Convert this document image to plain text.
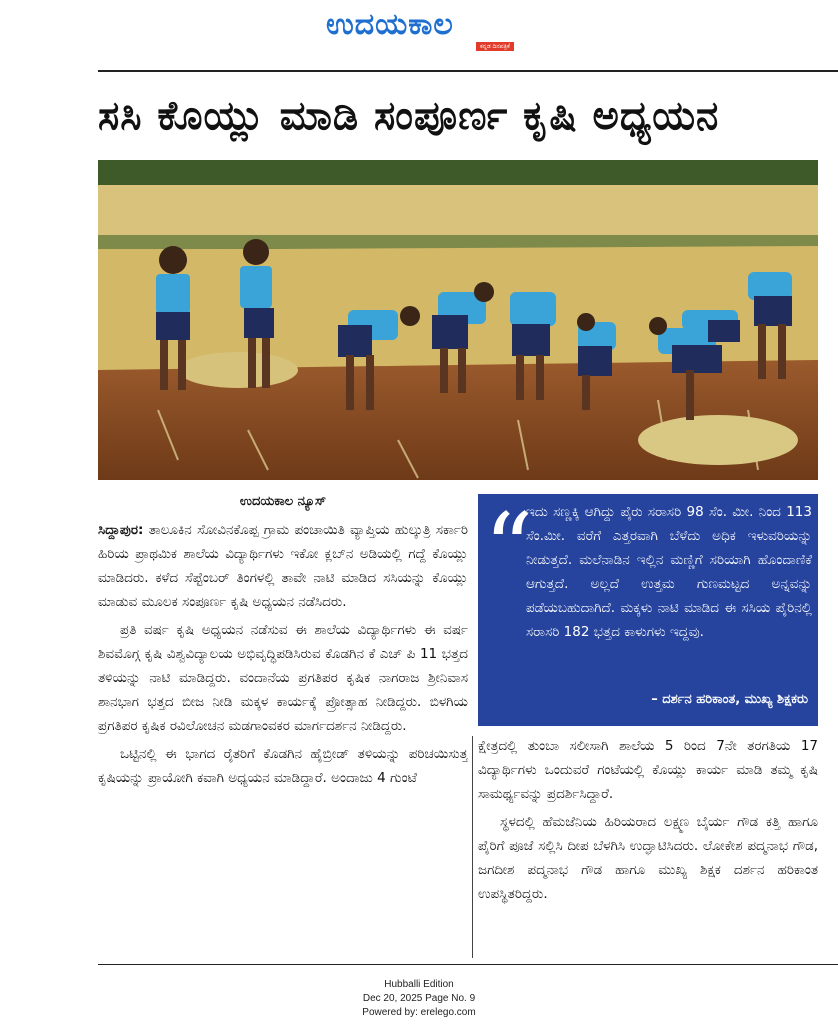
ಉದಯಕಾಲ
ಕನ್ನಡ ದಿನಪತ್ರಿಕೆ
ಸಸಿ ಕೊಯ್ಲು ಮಾಡಿ ಸಂಪೂರ್ಣ ಕೃಷಿ ಅಧ್ಯಯನ
ಉದಯಕಾಲ ನ್ಯೂಸ್

ಸಿದ್ದಾಪುರ: ತಾಲೂಕಿನ ಸೋವಿನಕೊಪ್ಪ ಗ್ರಾಮ ಪಂಚಾಯಿತಿ ವ್ಯಾಪ್ತಿಯ ಹುಲ್ಕುತ್ರಿ ಸರ್ಕಾರಿ ಹಿರಿಯ ಪ್ರಾಥಮಿಕ ಶಾಲೆಯ ವಿದ್ಯಾರ್ಥಿಗಳು ಇಕೋ ಕ್ಲಬ್‌ನ ಅಡಿಯಲ್ಲಿ ಗದ್ದೆ ಕೊಯ್ಲು ಮಾಡಿದರು. ಕಳೆದ ಸೆಪ್ಟೆಂಬರ್ ತಿಂಗಳಲ್ಲಿ ತಾವೇ ನಾಟಿ ಮಾಡಿದ ಸಸಿಯನ್ನು ಕೊಯ್ಲು ಮಾಡುವ ಮೂಲಕ ಸಂಪೂರ್ಣ ಕೃಷಿ ಅಧ್ಯಯನ ನಡೆಸಿದರು.

ಪ್ರತಿ ವರ್ಷ ಕೃಷಿ ಅಧ್ಯಯನ ನಡೆಸುವ ಈ ಶಾಲೆಯ ವಿದ್ಯಾರ್ಥಿಗಳು ಈ ವರ್ಷ ಶಿವಮೊಗ್ಗ ಕೃಷಿ ವಿಶ್ವವಿದ್ಯಾಲಯ ಅಭಿವೃದ್ಧಿಪಡಿಸಿರುವ ಕೊಡಗಿನ ಕೆ ಎಚ್ ಪಿ 11 ಭತ್ತದ ತಳಿಯನ್ನು ನಾಟಿ ಮಾಡಿದ್ದರು. ವಂದಾನೆಯ ಪ್ರಗತಿಪರ ಕೃಷಿಕ ನಾಗರಾಜ ಶ್ರೀನಿವಾಸ ಶಾನಭಾಗ ಭತ್ತದ ಬೀಜ ನೀಡಿ ಮಕ್ಕಳ ಕಾರ್ಯಕ್ಕೆ ಪ್ರೋತ್ಸಾಹ ನೀಡಿದ್ದರು. ಬಿಳಗಿಯ ಪ್ರಗತಿಪರ ಕೃಷಿಕ ರವಿಲೋಚನ ಮಡಗಾಂವಕರ ಮಾರ್ಗದರ್ಶನ ನೀಡಿದ್ದರು.

ಒಟ್ಟಿನಲ್ಲಿ ಈ ಭಾಗದ ರೈತರಿಗೆ ಕೊಡಗಿನ ಹೈಬ್ರೀಡ್ ತಳಿಯನ್ನು ಪರಿಚಯಿಸುತ್ತ ಕೃಷಿಯನ್ನು ಪ್ರಾಯೋಗಿ ಕವಾಗಿ ಅಧ್ಯಯನ ಮಾಡಿದ್ದಾರೆ. ಅಂದಾಜು 4 ಗುಂಟೆ

“
ಇದು ಸಣ್ಣಕ್ಕಿ ಆಗಿದ್ದು ಪೈರು ಸರಾಸರಿ 98 ಸೆಂ. ಮೀ. ನಿಂದ 113 ಸೆಂ.ಮೀ. ವರೆಗೆ ಎತ್ತರವಾಗಿ ಬೆಳೆದು ಅಧಿಕ ಇಳುವರಿಯನ್ನು ನೀಡುತ್ತದೆ. ಮಲೆನಾಡಿನ ಇಲ್ಲಿನ ಮಣ್ಣಿಗೆ ಸರಿಯಾಗಿ ಹೊಂದಾಣಿಕೆ ಆಗುತ್ತದೆ. ಅಲ್ಲದೆ ಉತ್ತಮ ಗುಣಮಟ್ಟದ ಅನ್ನವನ್ನು ಪಡೆಯಬಹುದಾಗಿದೆ. ಮಕ್ಕಳು ನಾಟಿ ಮಾಡಿದ ಈ ಸಸಿಯ ಪೈರಿನಲ್ಲಿ ಸರಾಸರಿ 182 ಭತ್ತದ ಕಾಳುಗಳು ಇದ್ದವು.
– ದರ್ಶನ ಹರಿಕಾಂತ, ಮುಖ್ಯ ಶಿಕ್ಷಕರು

ಕ್ಷೇತ್ರದಲ್ಲಿ ತುಂಬಾ ಸಲೀಸಾಗಿ ಶಾಲೆಯ 5 ರಿಂದ 7ನೇ ತರಗತಿಯ 17 ವಿದ್ಯಾರ್ಥಿಗಳು ಒಂದುವರೆ ಗಂಟೆಯಲ್ಲಿ ಕೊಯ್ಲು ಕಾರ್ಯ ಮಾಡಿ ತಮ್ಮ ಕೃಷಿ ಸಾಮರ್ಥ್ಯವನ್ನು ಪ್ರದರ್ಶಿಸಿದ್ದಾರೆ.

ಸ್ಥಳದಲ್ಲಿ ಹೆಮಜೆನಿಯ ಹಿರಿಯರಾದ ಲಕ್ಷ್ಮಣ ಬೈರ್ಯ ಗೌಡ ಕತ್ತಿ ಹಾಗೂ ಪೈರಿಗೆ ಪೂಜೆ ಸಲ್ಲಿಸಿ ದೀಪ ಬೆಳಗಿಸಿ ಉದ್ಘಾಟಿಸಿದರು. ಲೋಕೇಶ ಪದ್ಮನಾಭ ಗೌಡ, ಜಗದೀಶ ಪದ್ಮನಾಭ ಗೌಡ ಹಾಗೂ ಮುಖ್ಯ ಶಿಕ್ಷಕ ದರ್ಶನ ಹರಿಕಾಂತ ಉಪಸ್ಥಿತರಿದ್ದರು.

Hubballi Edition
Dec 20, 2025 Page No. 9
Powered by: erelego.com
